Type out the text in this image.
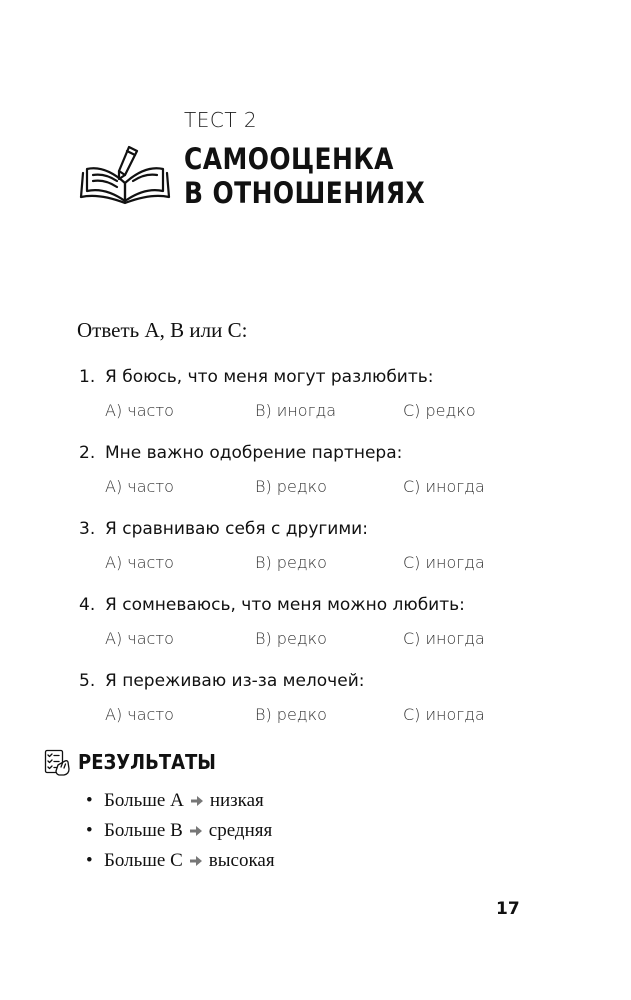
ТЕСТ 2
САМООЦЕНКА
В ОТНОШЕНИЯХ
Ответь А, В или С:
1. Я боюсь, что меня могут разлюбить:
А) часто	В) иногда	С) редко
2. Мне важно одобрение партнера:
А) часто	В) редко	С) иногда
3. Я сравниваю себя с другими:
А) часто	В) редко	С) иногда
4. Я сомневаюсь, что меня можно любить:
А) часто	В) редко	С) иногда
5. Я переживаю из-за мелочей:
А) часто	В) редко	С) иногда
РЕЗУЛЬТАТЫ
• Больше А низкая
• Больше В средняя
• Больше С высокая
17
